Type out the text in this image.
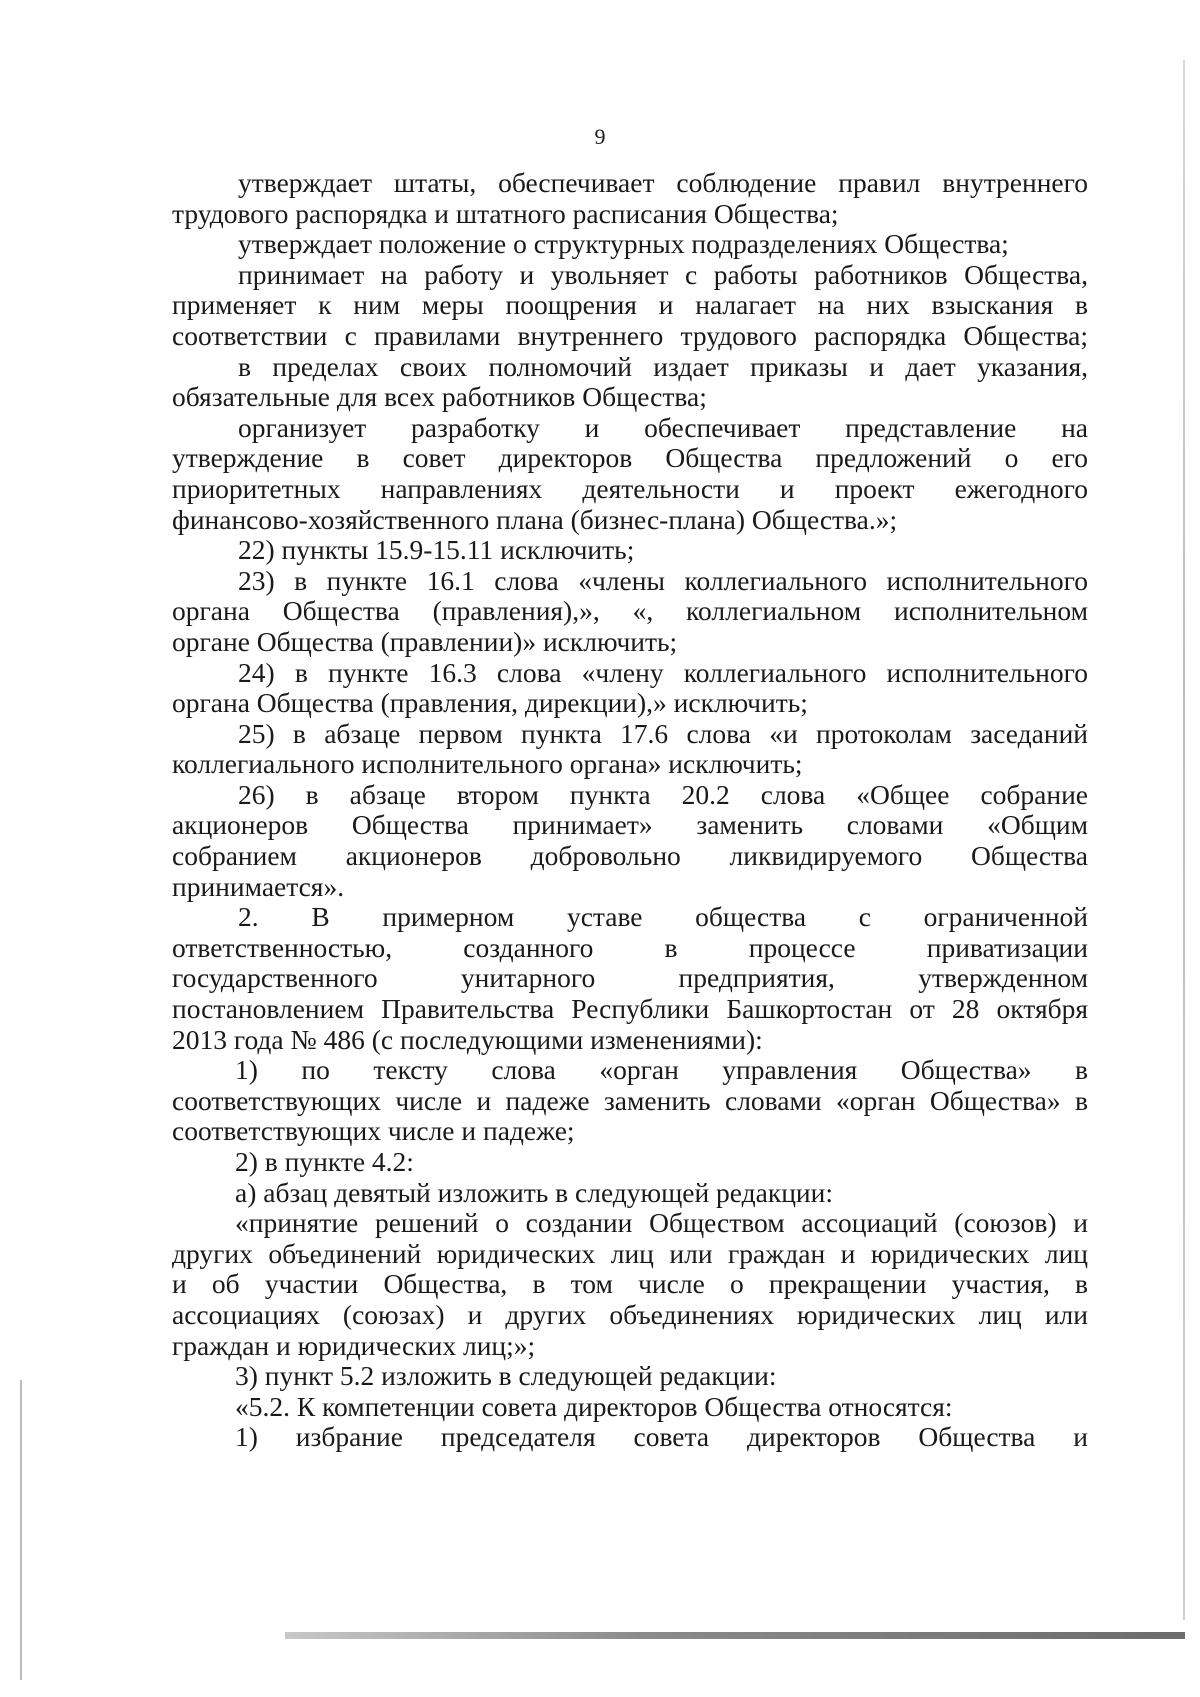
9
утверждает штаты, обеспечивает соблюдение правил внутреннего
трудового распорядка и штатного расписания Общества;
утверждает положение о структурных подразделениях Общества;
принимает на работу и увольняет с работы работников Общества,
применяет к ним меры поощрения и налагает на них взыскания в
соответствии с правилами внутреннего трудового распорядка Общества;
в пределах своих полномочий издает приказы и дает указания,
обязательные для всех работников Общества;
организует разработку и обеспечивает представление на
утверждение в совет директоров Общества предложений о его
приоритетных направлениях деятельности и проект ежегодного
финансово-хозяйственного плана (бизнес-плана) Общества.»;
22) пункты 15.9-15.11 исключить;
23) в пункте 16.1 слова «члены коллегиального исполнительного
органа Общества (правления),», «, коллегиальном исполнительном
органе Общества (правлении)» исключить;
24) в пункте 16.3 слова «члену коллегиального исполнительного
органа Общества (правления, дирекции),» исключить;
25) в абзаце первом пункта 17.6 слова «и протоколам заседаний
коллегиального исполнительного органа» исключить;
26) в абзаце втором пункта 20.2 слова «Общее собрание
акционеров Общества принимает» заменить словами «Общим
собранием акционеров добровольно ликвидируемого Общества
принимается».
2. В примерном уставе общества с ограниченной
ответственностью, созданного в процессе приватизации
государственного унитарного предприятия, утвержденном
постановлением Правительства Республики Башкортостан от 28 октября
2013 года № 486 (с последующими изменениями):
1) по тексту слова «орган управления Общества» в
соответствующих числе и падеже заменить словами «орган Общества» в
соответствующих числе и падеже;
2) в пункте 4.2:
а) абзац девятый изложить в следующей редакции:
«принятие решений о создании Обществом ассоциаций (союзов) и
других объединений юридических лиц или граждан и юридических лиц
и об участии Общества, в том числе о прекращении участия, в
ассоциациях (союзах) и других объединениях юридических лиц или
граждан и юридических лиц;»;
3) пункт 5.2 изложить в следующей редакции:
«5.2. К компетенции совета директоров Общества относятся:
1) избрание председателя совета директоров Общества и
